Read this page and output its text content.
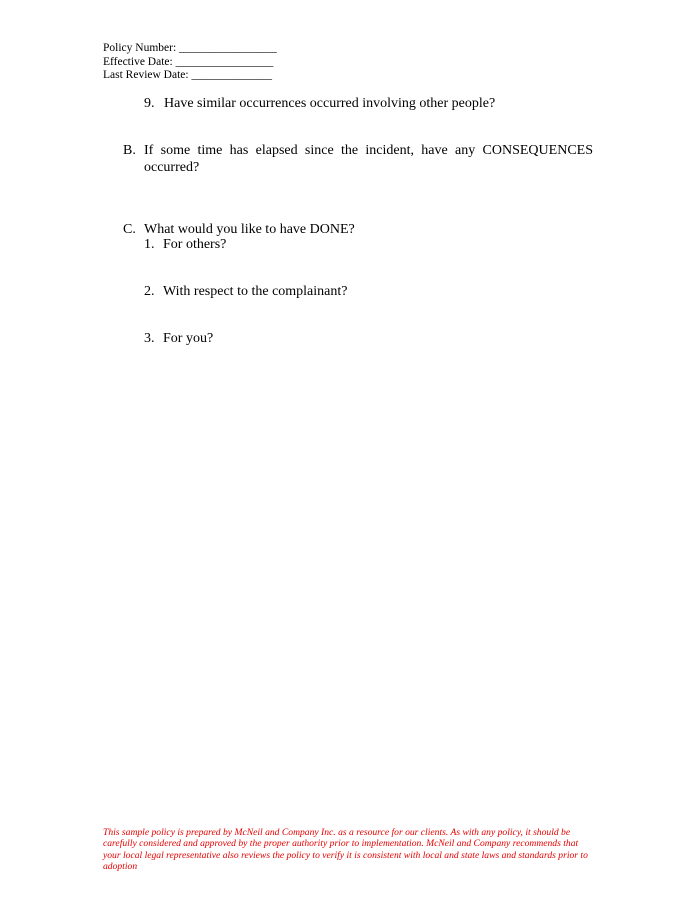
Policy Number: _________________
Effective Date: _________________
Last Review Date: ______________
9. Have similar occurrences occurred involving other people?
B. If some time has elapsed since the incident, have any CONSEQUENCES occurred?
C. What would you like to have DONE?
1. For others?
2. With respect to the complainant?
3. For you?
This sample policy is prepared by McNeil and Company Inc. as a resource for our clients. As with any policy, it should be carefully considered and approved by the proper authority prior to implementation. McNeil and Company recommends that your local legal representative also reviews the policy to verify it is consistent with local and state laws and standards prior to adoption
